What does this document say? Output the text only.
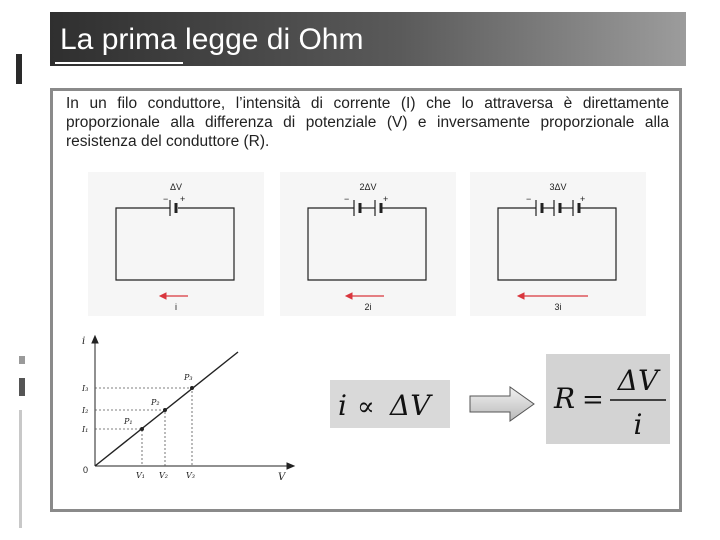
La prima legge di Ohm
In un filo conduttore, l’intensità di corrente (I) che lo attraversa è direttamente proporzionale alla differenza di potenziale (V) e inversamente proporzionale alla resistenza del conduttore (R).
ΔV
− +
i
2ΔV
−	+
2i
3ΔV
−	+
3i
i
V
0
P₁
P₂
P₃
I₃
I₂
I₁
V₁ V₂ V₃
i ∝ ΔV	R =
ΔV
i
